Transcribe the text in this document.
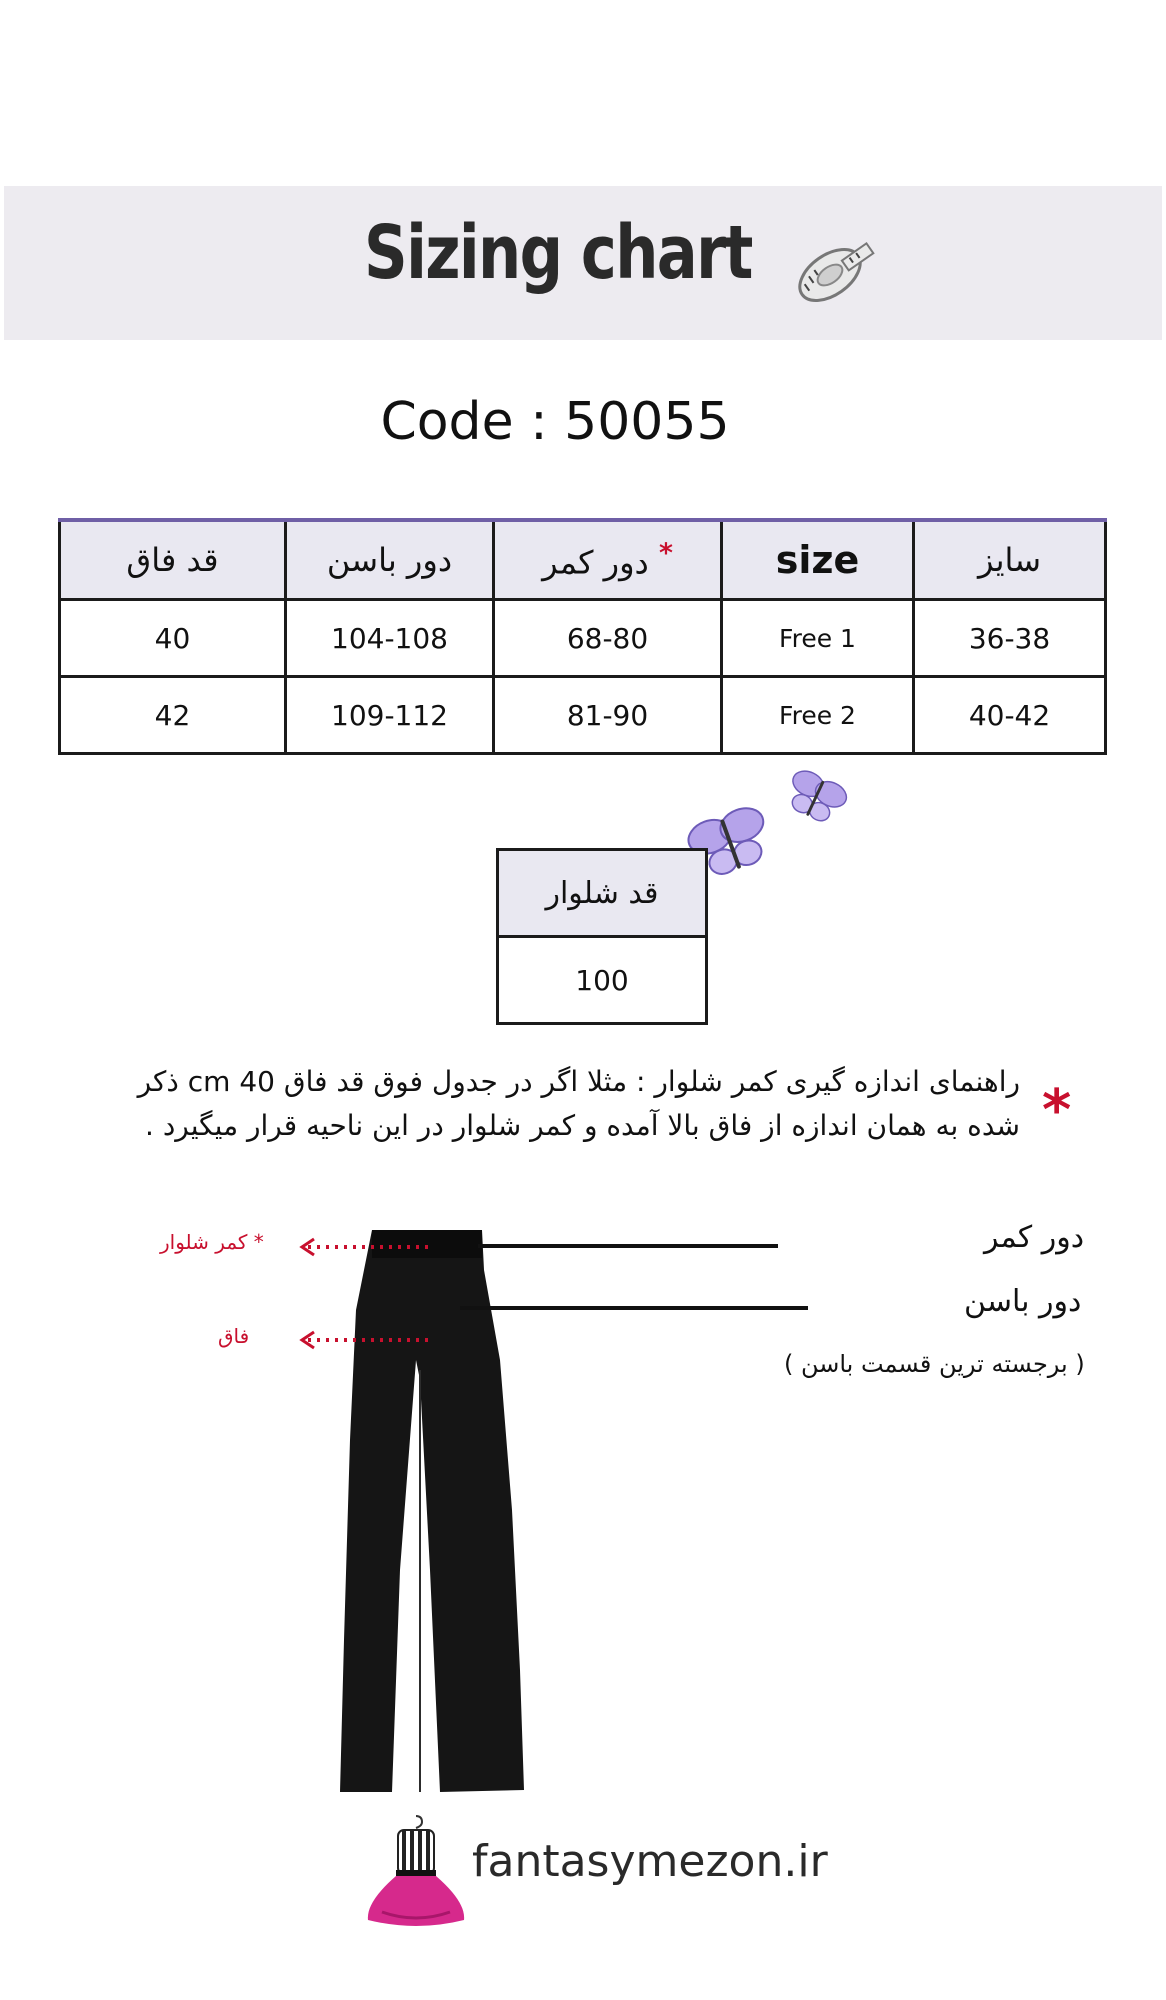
Sizing chart
Code : 50055
قد فاق	دور باسن	دور کمر *	size	سایز
40	104-108	68-80	Free 1	36-38
42	109-112	81-90	Free 2	40-42
قد شلوار
100
*
راهنمای اندازه گیری کمر شلوار : مثلا اگر در جدول فوق قد فاق 40 cm ذکر
شده به همان اندازه از فاق بالا آمده و کمر شلوار در این ناحیه قرار میگیرد .
* کمر شلوار
فاق
دور کمر
دور باسن
( برجسته ترین قسمت باسن )
fantasymezon.ir
